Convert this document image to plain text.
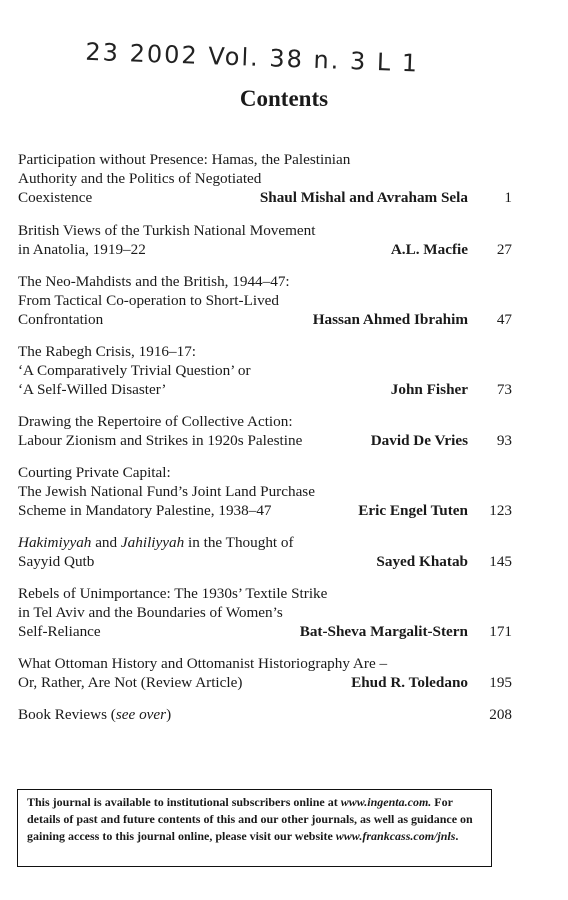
23 2002 Vol. 38 n. 3 L 1
Contents
Participation without Presence: Hamas, the Palestinian
Authority and the Politics of Negotiated
Coexistence	Shaul Mishal and Avraham Sela	1
British Views of the Turkish National Movement
in Anatolia, 1919–22	A.L. Macfie	27
The Neo-Mahdists and the British, 1944–47:
From Tactical Co-operation to Short-Lived
Confrontation	Hassan Ahmed Ibrahim	47
The Rabegh Crisis, 1916–17:
‘A Comparatively Trivial Question’ or
‘A Self-Willed Disaster’	John Fisher	73
Drawing the Repertoire of Collective Action:
Labour Zionism and Strikes in 1920s Palestine	David De Vries	93
Courting Private Capital:
The Jewish National Fund’s Joint Land Purchase
Scheme in Mandatory Palestine, 1938–47	Eric Engel Tuten	123
Hakimiyyah and Jahiliyyah in the Thought of
Sayyid Qutb	Sayed Khatab	145
Rebels of Unimportance: The 1930s’ Textile Strike
in Tel Aviv and the Boundaries of Women’s
Self-Reliance	Bat-Sheva Margalit-Stern	171
What Ottoman History and Ottomanist Historiography Are –
Or, Rather, Are Not (Review Article)	Ehud R. Toledano	195
Book Reviews (see over)	208
This journal is available to institutional subscribers online at www.ingenta.com. For details of past and future contents of this and our other journals, as well as guidance on gaining access to this journal online, please visit our website www.frankcass.com/jnls.
